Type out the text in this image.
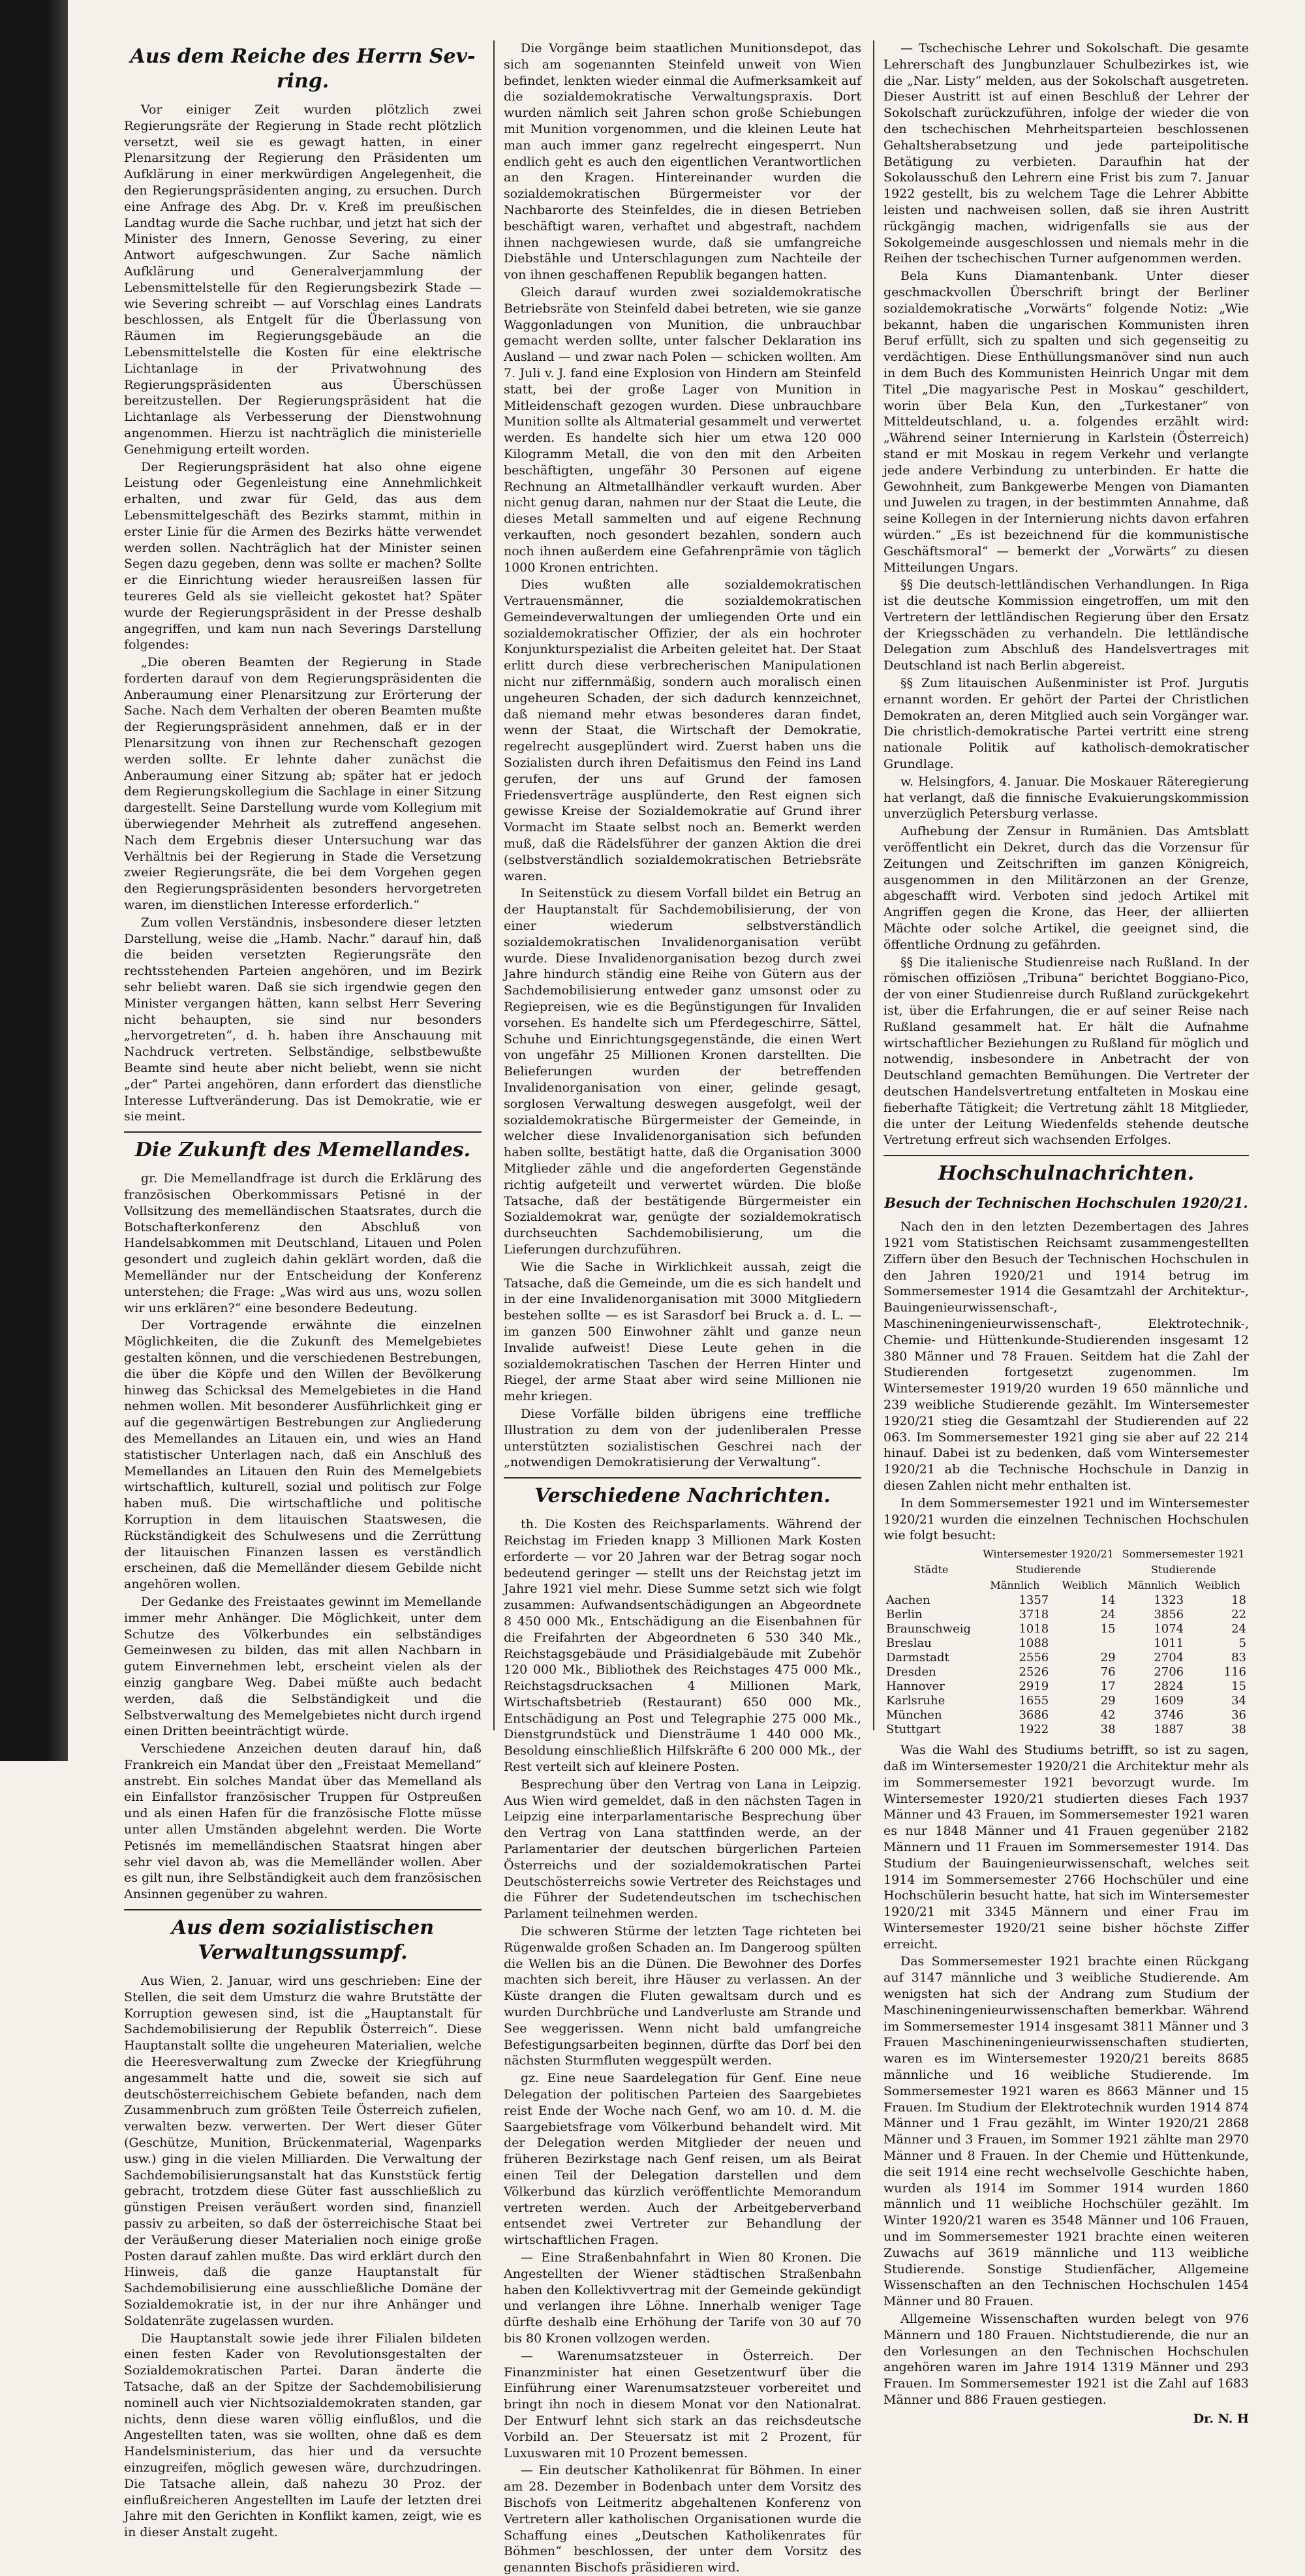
Aus dem Reiche des Herrn Sev-ring.

Vor einiger Zeit wurden plötzlich zwei Regierungsräte der Regierung in Stade recht plötzlich versetzt, weil sie es gewagt hatten, in einer Plenarsitzung der Regierung den Präsidenten um Aufklärung in einer merkwürdigen Angelegenheit, die den Regierungspräsidenten anging, zu ersuchen. Durch eine Anfrage des Abg. Dr. v. Kreß im preußischen Landtag wurde die Sache ruchbar, und jetzt hat sich der Minister des Innern, Genosse Severing, zu einer Antwort aufgeschwungen. Zur Sache nämlich Aufklärung und Generalverjammlung der Lebensmittelstelle für den Regierungsbezirk Stade — wie Severing schreibt — auf Vorschlag eines Landrats beschlossen, als Entgelt für die Überlassung von Räumen im Regierungsgebäude an die Lebensmittelstelle die Kosten für eine elektrische Lichtanlage in der Privatwohnung des Regierungspräsidenten aus Überschüssen bereitzustellen. Der Regierungspräsident hat die Lichtanlage als Verbesserung der Dienstwohnung angenommen. Hierzu ist nachträglich die ministerielle Genehmigung erteilt worden.

Der Regierungspräsident hat also ohne eigene Leistung oder Gegenleistung eine Annehmlichkeit erhalten, und zwar für Geld, das aus dem Lebensmittelgeschäft des Bezirks stammt, mithin in erster Linie für die Armen des Bezirks hätte verwendet werden sollen. Nachträglich hat der Minister seinen Segen dazu gegeben, denn was sollte er machen? Sollte er die Einrichtung wieder herausreißen lassen für teureres Geld als sie vielleicht gekostet hat? Später wurde der Regierungspräsident in der Presse deshalb angegriffen, und kam nun nach Severings Darstellung folgendes:

„Die oberen Beamten der Regierung in Stade forderten darauf von dem Regierungspräsidenten die Anberaumung einer Plenarsitzung zur Erörterung der Sache. Nach dem Verhalten der oberen Beamten mußte der Regierungspräsident annehmen, daß er in der Plenarsitzung von ihnen zur Rechenschaft gezogen werden sollte. Er lehnte daher zunächst die Anberaumung einer Sitzung ab; später hat er jedoch dem Regierungskollegium die Sachlage in einer Sitzung dargestellt. Seine Darstellung wurde vom Kollegium mit überwiegender Mehrheit als zutreffend angesehen. Nach dem Ergebnis dieser Untersuchung war das Verhältnis bei der Regierung in Stade die Versetzung zweier Regierungsräte, die bei dem Vorgehen gegen den Regierungspräsidenten besonders hervorgetreten waren, im dienstlichen Interesse erforderlich.“

Zum vollen Verständnis, insbesondere dieser letzten Darstellung, weise die „Hamb. Nachr.“ darauf hin, daß die beiden versetzten Regierungsräte den rechtsstehenden Parteien angehören, und im Bezirk sehr beliebt waren. Daß sie sich irgendwie gegen den Minister vergangen hätten, kann selbst Herr Severing nicht behaupten, sie sind nur besonders „hervorgetreten“, d. h. haben ihre Anschauung mit Nachdruck vertreten. Selbständige, selbstbewußte Beamte sind heute aber nicht beliebt, wenn sie nicht „der“ Partei angehören, dann erfordert das dienstliche Interesse Luftveränderung. Das ist Demokratie, wie er sie meint.

Die Zukunft des Memellandes.

gr. Die Memellandfrage ist durch die Erklärung des französischen Oberkommissars Petisné in der Vollsitzung des memelländischen Staatsrates, durch die Botschafterkonferenz den Abschluß von Handelsabkommen mit Deutschland, Litauen und Polen gesondert und zugleich dahin geklärt worden, daß die Memelländer nur der Entscheidung der Konferenz unterstehen; die Frage: „Was wird aus uns, wozu sollen wir uns erklären?“ eine besondere Bedeutung.

Der Vortragende erwähnte die einzelnen Möglichkeiten, die die Zukunft des Memelgebietes gestalten können, und die verschiedenen Bestrebungen, die über die Köpfe und den Willen der Bevölkerung hinweg das Schicksal des Memelgebietes in die Hand nehmen wollen. Mit besonderer Ausführlichkeit ging er auf die gegenwärtigen Bestrebungen zur Angliederung des Memellandes an Litauen ein, und wies an Hand statistischer Unterlagen nach, daß ein Anschluß des Memellandes an Litauen den Ruin des Memelgebiets wirtschaftlich, kulturell, sozial und politisch zur Folge haben muß. Die wirtschaftliche und politische Korruption in dem litauischen Staatswesen, die Rückständigkeit des Schulwesens und die Zerrüttung der litauischen Finanzen lassen es verständlich erscheinen, daß die Memelländer diesem Gebilde nicht angehören wollen.

Der Gedanke des Freistaates gewinnt im Memellande immer mehr Anhänger. Die Möglichkeit, unter dem Schutze des Völkerbundes ein selbständiges Gemeinwesen zu bilden, das mit allen Nachbarn in gutem Einvernehmen lebt, erscheint vielen als der einzig gangbare Weg. Dabei müßte auch bedacht werden, daß die Selbständigkeit und die Selbstverwaltung des Memelgebietes nicht durch irgend einen Dritten beeinträchtigt würde.

Verschiedene Anzeichen deuten darauf hin, daß Frankreich ein Mandat über den „Freistaat Memelland“ anstrebt. Ein solches Mandat über das Memelland als ein Einfallstor französischer Truppen für Ostpreußen und als einen Hafen für die französische Flotte müsse unter allen Umständen abgelehnt werden. Die Worte Petisnés im memelländischen Staatsrat hingen aber sehr viel davon ab, was die Memelländer wollen. Aber es gilt nun, ihre Selbständigkeit auch dem französischen Ansinnen gegenüber zu wahren.

Aus dem sozialistischen Verwaltungssumpf.

Aus Wien, 2. Januar, wird uns geschrieben: Eine der Stellen, die seit dem Umsturz die wahre Brutstätte der Korruption gewesen sind, ist die „Hauptanstalt für Sachdemobilisierung der Republik Österreich“. Diese Hauptanstalt sollte die ungeheuren Materialien, welche die Heeresverwaltung zum Zwecke der Kriegführung angesammelt hatte und die, soweit sie sich auf deutschösterreichischem Gebiete befanden, nach dem Zusammenbruch zum größten Teile Österreich zufielen, verwalten bezw. verwerten. Der Wert dieser Güter (Geschütze, Munition, Brückenmaterial, Wagenparks usw.) ging in die vielen Milliarden. Die Verwaltung der Sachdemobilisierungsanstalt hat das Kunststück fertig gebracht, trotzdem diese Güter fast ausschließlich zu günstigen Preisen veräußert worden sind, finanziell passiv zu arbeiten, so daß der österreichische Staat bei der Veräußerung dieser Materialien noch einige große Posten darauf zahlen mußte. Das wird erklärt durch den Hinweis, daß die ganze Hauptanstalt für Sachdemobilisierung eine ausschließliche Domäne der Sozialdemokratie ist, in der nur ihre Anhänger und Soldatenräte zugelassen wurden.

Die Hauptanstalt sowie jede ihrer Filialen bildeten einen festen Kader von Revolutionsgestalten der Sozialdemokratischen Partei. Daran änderte die Tatsache, daß an der Spitze der Sachdemobilisierung nominell auch vier Nichtsozialdemokraten standen, gar nichts, denn diese waren völlig einflußlos, und die Angestellten taten, was sie wollten, ohne daß es dem Handelsministerium, das hier und da versuchte einzugreifen, möglich gewesen wäre, durchzudringen. Die Tatsache allein, daß nahezu 30 Proz. der einflußreicheren Angestellten im Laufe der letzten drei Jahre mit den Gerichten in Konflikt kamen, zeigt, wie es in dieser Anstalt zugeht.

Die Vorgänge beim staatlichen Munitionsdepot, das sich am sogenannten Steinfeld unweit von Wien befindet, lenkten wieder einmal die Aufmerksamkeit auf die sozialdemokratische Verwaltungspraxis. Dort wurden nämlich seit Jahren schon große Schiebungen mit Munition vorgenommen, und die kleinen Leute hat man auch immer ganz regelrecht eingesperrt. Nun endlich geht es auch den eigentlichen Verantwortlichen an den Kragen. Hintereinander wurden die sozialdemokratischen Bürgermeister vor der Nachbarorte des Steinfeldes, die in diesen Betrieben beschäftigt waren, verhaftet und abgestraft, nachdem ihnen nachgewiesen wurde, daß sie umfangreiche Diebstähle und Unterschlagungen zum Nachteile der von ihnen geschaffenen Republik begangen hatten.

Gleich darauf wurden zwei sozialdemokratische Betriebsräte von Steinfeld dabei betreten, wie sie ganze Waggonladungen von Munition, die unbrauchbar gemacht werden sollte, unter falscher Deklaration ins Ausland — und zwar nach Polen — schicken wollten. Am 7. Juli v. J. fand eine Explosion von Hindern am Steinfeld statt, bei der große Lager von Munition in Mitleidenschaft gezogen wurden. Diese unbrauchbare Munition sollte als Altmaterial gesammelt und verwertet werden. Es handelte sich hier um etwa 120 000 Kilogramm Metall, die von den mit den Arbeiten beschäftigten, ungefähr 30 Personen auf eigene Rechnung an Altmetallhändler verkauft wurden. Aber nicht genug daran, nahmen nur der Staat die Leute, die dieses Metall sammelten und auf eigene Rechnung verkauften, noch gesondert bezahlen, sondern auch noch ihnen außerdem eine Gefahrenprämie von täglich 1000 Kronen entrichten.

Dies wußten alle sozialdemokratischen Vertrauensmänner, die sozialdemokratischen Gemeindeverwaltungen der umliegenden Orte und ein sozialdemokratischer Offizier, der als ein hochroter Konjunkturspezialist die Arbeiten geleitet hat. Der Staat erlitt durch diese verbrecherischen Manipulationen nicht nur ziffernmäßig, sondern auch moralisch einen ungeheuren Schaden, der sich dadurch kennzeichnet, daß niemand mehr etwas besonderes daran findet, wenn der Staat, die Wirtschaft der Demokratie, regelrecht ausgeplündert wird. Zuerst haben uns die Sozialisten durch ihren Defaitismus den Feind ins Land gerufen, der uns auf Grund der famosen Friedensverträge ausplünderte, den Rest eignen sich gewisse Kreise der Sozialdemokratie auf Grund ihrer Vormacht im Staate selbst noch an. Bemerkt werden muß, daß die Rädelsführer der ganzen Aktion die drei (selbstverständlich sozialdemokratischen Betriebsräte waren.

In Seitenstück zu diesem Vorfall bildet ein Betrug an der Hauptanstalt für Sachdemobilisierung, der von einer wiederum selbstverständlich sozialdemokratischen Invalidenorganisation verübt wurde. Diese Invalidenorganisation bezog durch zwei Jahre hindurch ständig eine Reihe von Gütern aus der Sachdemobilisierung entweder ganz umsonst oder zu Regiepreisen, wie es die Begünstigungen für Invaliden vorsehen. Es handelte sich um Pferdegeschirre, Sättel, Schuhe und Einrichtungsgegenstände, die einen Wert von ungefähr 25 Millionen Kronen darstellten. Die Belieferungen wurden der betreffenden Invalidenorganisation von einer, gelinde gesagt, sorglosen Verwaltung deswegen ausgefolgt, weil der sozialdemokratische Bürgermeister der Gemeinde, in welcher diese Invalidenorganisation sich befunden haben sollte, bestätigt hatte, daß die Organisation 3000 Mitglieder zähle und die angeforderten Gegenstände richtig aufgeteilt und verwertet würden. Die bloße Tatsache, daß der bestätigende Bürgermeister ein Sozialdemokrat war, genügte der sozialdemokratisch durchseuchten Sachdemobilisierung, um die Lieferungen durchzuführen.

Wie die Sache in Wirklichkeit aussah, zeigt die Tatsache, daß die Gemeinde, um die es sich handelt und in der eine Invalidenorganisation mit 3000 Mitgliedern bestehen sollte — es ist Sarasdorf bei Bruck a. d. L. — im ganzen 500 Einwohner zählt und ganze neun Invalide aufweist! Diese Leute gehen in die sozialdemokratischen Taschen der Herren Hinter und Riegel, der arme Staat aber wird seine Millionen nie mehr kriegen.

Diese Vorfälle bilden übrigens eine treffliche Illustration zu dem von der judenliberalen Presse unterstützten sozialistischen Geschrei nach der „notwendigen Demokratisierung der Verwaltung“.

Verschiedene Nachrichten.

th. Die Kosten des Reichsparlaments. Während der Reichstag im Frieden knapp 3 Millionen Mark Kosten erforderte — vor 20 Jahren war der Betrag sogar noch bedeutend geringer — stellt uns der Reichstag jetzt im Jahre 1921 viel mehr. Diese Summe setzt sich wie folgt zusammen: Aufwandsentschädigungen an Abgeordnete 8 450 000 Mk., Entschädigung an die Eisenbahnen für die Freifahrten der Abgeordneten 6 530 340 Mk., Reichstagsgebäude und Präsidialgebäude mit Zubehör 120 000 Mk., Bibliothek des Reichstages 475 000 Mk., Reichstagsdrucksachen 4 Millionen Mark, Wirtschaftsbetrieb (Restaurant) 650 000 Mk., Entschädigung an Post und Telegraphie 275 000 Mk., Dienstgrundstück und Diensträume 1 440 000 Mk., Besoldung einschließlich Hilfskräfte 6 200 000 Mk., der Rest verteilt sich auf kleinere Posten.

Besprechung über den Vertrag von Lana in Leipzig. Aus Wien wird gemeldet, daß in den nächsten Tagen in Leipzig eine interparlamentarische Besprechung über den Vertrag von Lana stattfinden werde, an der Parlamentarier der deutschen bürgerlichen Parteien Österreichs und der sozialdemokratischen Partei Deutschösterreichs sowie Vertreter des Reichstages und die Führer der Sudetendeutschen im tschechischen Parlament teilnehmen werden.

Die schweren Stürme der letzten Tage richteten bei Rügenwalde großen Schaden an. Im Dangeroog spülten die Wellen bis an die Dünen. Die Bewohner des Dorfes machten sich bereit, ihre Häuser zu verlassen. An der Küste drangen die Fluten gewaltsam durch und es wurden Durchbrüche und Landverluste am Strande und See weggerissen. Wenn nicht bald umfangreiche Befestigungsarbeiten beginnen, dürfte das Dorf bei den nächsten Sturmfluten weggespült werden.

gz. Eine neue Saardelegation für Genf. Eine neue Delegation der politischen Parteien des Saargebietes reist Ende der Woche nach Genf, wo am 10. d. M. die Saargebietsfrage vom Völkerbund behandelt wird. Mit der Delegation werden Mitglieder der neuen und früheren Bezirkstage nach Genf reisen, um als Beirat einen Teil der Delegation darstellen und dem Völkerbund das kürzlich veröffentlichte Memorandum vertreten werden. Auch der Arbeitgeberverband entsendet zwei Vertreter zur Behandlung der wirtschaftlichen Fragen.

— Eine Straßenbahnfahrt in Wien 80 Kronen. Die Angestellten der Wiener städtischen Straßenbahn haben den Kollektivvertrag mit der Gemeinde gekündigt und verlangen ihre Löhne. Innerhalb weniger Tage dürfte deshalb eine Erhöhung der Tarife von 30 auf 70 bis 80 Kronen vollzogen werden.

— Warenumsatzsteuer in Österreich. Der Finanzminister hat einen Gesetzentwurf über die Einführung einer Warenumsatzsteuer vorbereitet und bringt ihn noch in diesem Monat vor den Nationalrat. Der Entwurf lehnt sich stark an das reichsdeutsche Vorbild an. Der Steuersatz ist mit 2 Prozent, für Luxuswaren mit 10 Prozent bemessen.

— Ein deutscher Katholikenrat für Böhmen. In einer am 28. Dezember in Bodenbach unter dem Vorsitz des Bischofs von Leitmeritz abgehaltenen Konferenz von Vertretern aller katholischen Organisationen wurde die Schaffung eines „Deutschen Katholikenrates für Böhmen“ beschlossen, der unter dem Vorsitz des genannten Bischofs präsidieren wird.

— Tschechische Lehrer und Sokolschaft. Die gesamte Lehrerschaft des Jungbunzlauer Schulbezirkes ist, wie die „Nar. Listy“ melden, aus der Sokolschaft ausgetreten. Dieser Austritt ist auf einen Beschluß der Lehrer der Sokolschaft zurückzuführen, infolge der wieder die von den tschechischen Mehrheitsparteien beschlossenen Gehaltsherabsetzung und jede parteipolitische Betätigung zu verbieten. Daraufhin hat der Sokolausschuß den Lehrern eine Frist bis zum 7. Januar 1922 gestellt, bis zu welchem Tage die Lehrer Abbitte leisten und nachweisen sollen, daß sie ihren Austritt rückgängig machen, widrigenfalls sie aus der Sokolgemeinde ausgeschlossen und niemals mehr in die Reihen der tschechischen Turner aufgenommen werden.

Bela Kuns Diamantenbank. Unter dieser geschmackvollen Überschrift bringt der Berliner sozialdemokratische „Vorwärts“ folgende Notiz: „Wie bekannt, haben die ungarischen Kommunisten ihren Beruf erfüllt, sich zu spalten und sich gegenseitig zu verdächtigen. Diese Enthüllungsmanöver sind nun auch in dem Buch des Kommunisten Heinrich Ungar mit dem Titel „Die magyarische Pest in Moskau“ geschildert, worin über Bela Kun, den „Turkestaner“ von Mitteldeutschland, u. a. folgendes erzählt wird: „Während seiner Internierung in Karlstein (Österreich) stand er mit Moskau in regem Verkehr und verlangte jede andere Verbindung zu unterbinden. Er hatte die Gewohnheit, zum Bankgewerbe Mengen von Diamanten und Juwelen zu tragen, in der bestimmten Annahme, daß seine Kollegen in der Internierung nichts davon erfahren würden.“ „Es ist bezeichnend für die kommunistische Geschäftsmoral“ — bemerkt der „Vorwärts“ zu diesen Mitteilungen Ungars.

§§ Die deutsch-lettländischen Verhandlungen. In Riga ist die deutsche Kommission eingetroffen, um mit den Vertretern der lettländischen Regierung über den Ersatz der Kriegsschäden zu verhandeln. Die lettländische Delegation zum Abschluß des Handelsvertrages mit Deutschland ist nach Berlin abgereist.

§§ Zum litauischen Außenminister ist Prof. Jurgutis ernannt worden. Er gehört der Partei der Christlichen Demokraten an, deren Mitglied auch sein Vorgänger war. Die christlich-demokratische Partei vertritt eine streng nationale Politik auf katholisch-demokratischer Grundlage.

w. Helsingfors, 4. Januar. Die Moskauer Räteregierung hat verlangt, daß die finnische Evakuierungskommission unverzüglich Petersburg verlasse.

Aufhebung der Zensur in Rumänien. Das Amtsblatt veröffentlicht ein Dekret, durch das die Vorzensur für Zeitungen und Zeitschriften im ganzen Königreich, ausgenommen in den Militärzonen an der Grenze, abgeschafft wird. Verboten sind jedoch Artikel mit Angriffen gegen die Krone, das Heer, der alliierten Mächte oder solche Artikel, die geeignet sind, die öffentliche Ordnung zu gefährden.

§§ Die italienische Studienreise nach Rußland. In der römischen offiziösen „Tribuna“ berichtet Boggiano-Pico, der von einer Studienreise durch Rußland zurückgekehrt ist, über die Erfahrungen, die er auf seiner Reise nach Rußland gesammelt hat. Er hält die Aufnahme wirtschaftlicher Beziehungen zu Rußland für möglich und notwendig, insbesondere in Anbetracht der von Deutschland gemachten Bemühungen. Die Vertreter der deutschen Handelsvertretung entfalteten in Moskau eine fieberhafte Tätigkeit; die Vertretung zählt 18 Mitglieder, die unter der Leitung Wiedenfelds stehende deutsche Vertretung erfreut sich wachsenden Erfolges.

Hochschulnachrichten.
Besuch der Technischen Hochschulen 1920/21.

Nach den in den letzten Dezembertagen des Jahres 1921 vom Statistischen Reichsamt zusammengestellten Ziffern über den Besuch der Technischen Hochschulen in den Jahren 1920/21 und 1914 betrug im Sommersemester 1914 die Gesamtzahl der Architektur-, Bauingenieurwissenschaft-, Maschineningenieurwissenschaft-, Elektrotechnik-, Chemie- und Hüttenkunde-Studierenden insgesamt 12 380 Männer und 78 Frauen. Seitdem hat die Zahl der Studierenden fortgesetzt zugenommen. Im Wintersemester 1919/20 wurden 19 650 männliche und 239 weibliche Studierende gezählt. Im Wintersemester 1920/21 stieg die Gesamtzahl der Studierenden auf 22 063. Im Sommersemester 1921 ging sie aber auf 22 214 hinauf. Dabei ist zu bedenken, daß vom Wintersemester 1920/21 ab die Technische Hochschule in Danzig in diesen Zahlen nicht mehr enthalten ist.

In dem Sommersemester 1921 und im Wintersemester 1920/21 wurden die einzelnen Technischen Hochschulen wie folgt besucht:

	Wintersemester 1920/21		Sommersemester 1921	
Städte	Studierende		Studierende	
	Männlich	Weiblich	Männlich	Weiblich
Aachen	1357	14	1323	18
Berlin	3718	24	3856	22
Braunschweig	1018	15	1074	24
Breslau	1088		1011	5
Darmstadt	2556	29	2704	83
Dresden	2526	76	2706	116
Hannover	2919	17	2824	15
Karlsruhe	1655	29	1609	34
München	3686	42	3746	36
Stuttgart	1922	38	1887	38

Was die Wahl des Studiums betrifft, so ist zu sagen, daß im Wintersemester 1920/21 die Architektur mehr als im Sommersemester 1921 bevorzugt wurde. Im Wintersemester 1920/21 studierten dieses Fach 1937 Männer und 43 Frauen, im Sommersemester 1921 waren es nur 1848 Männer und 41 Frauen gegenüber 2182 Männern und 11 Frauen im Sommersemester 1914. Das Studium der Bauingenieurwissenschaft, welches seit 1914 im Sommersemester 2766 Hochschüler und eine Hochschülerin besucht hatte, hat sich im Wintersemester 1920/21 mit 3345 Männern und einer Frau im Wintersemester 1920/21 seine bisher höchste Ziffer erreicht.

Das Sommersemester 1921 brachte einen Rückgang auf 3147 männliche und 3 weibliche Studierende. Am wenigsten hat sich der Andrang zum Studium der Maschineningenieurwissenschaften bemerkbar. Während im Sommersemester 1914 insgesamt 3811 Männer und 3 Frauen Maschineningenieurwissenschaften studierten, waren es im Wintersemester 1920/21 bereits 8685 männliche und 16 weibliche Studierende. Im Sommersemester 1921 waren es 8663 Männer und 15 Frauen. Im Studium der Elektrotechnik wurden 1914 874 Männer und 1 Frau gezählt, im Winter 1920/21 2868 Männer und 3 Frauen, im Sommer 1921 zählte man 2970 Männer und 8 Frauen. In der Chemie und Hüttenkunde, die seit 1914 eine recht wechselvolle Geschichte haben, wurden als 1914 im Sommer 1914 wurden 1860 männlich und 11 weibliche Hochschüler gezählt. Im Winter 1920/21 waren es 3548 Männer und 106 Frauen, und im Sommersemester 1921 brachte einen weiteren Zuwachs auf 3619 männliche und 113 weibliche Studierende. Sonstige Studienfächer, Allgemeine Wissenschaften an den Technischen Hochschulen 1454 Männer und 80 Frauen.

Allgemeine Wissenschaften wurden belegt von 976 Männern und 180 Frauen. Nichtstudierende, die nur an den Vorlesungen an den Technischen Hochschulen angehören waren im Jahre 1914 1319 Männer und 293 Frauen. Im Sommersemester 1921 ist die Zahl auf 1683 Männer und 886 Frauen gestiegen.

Dr. N. H
